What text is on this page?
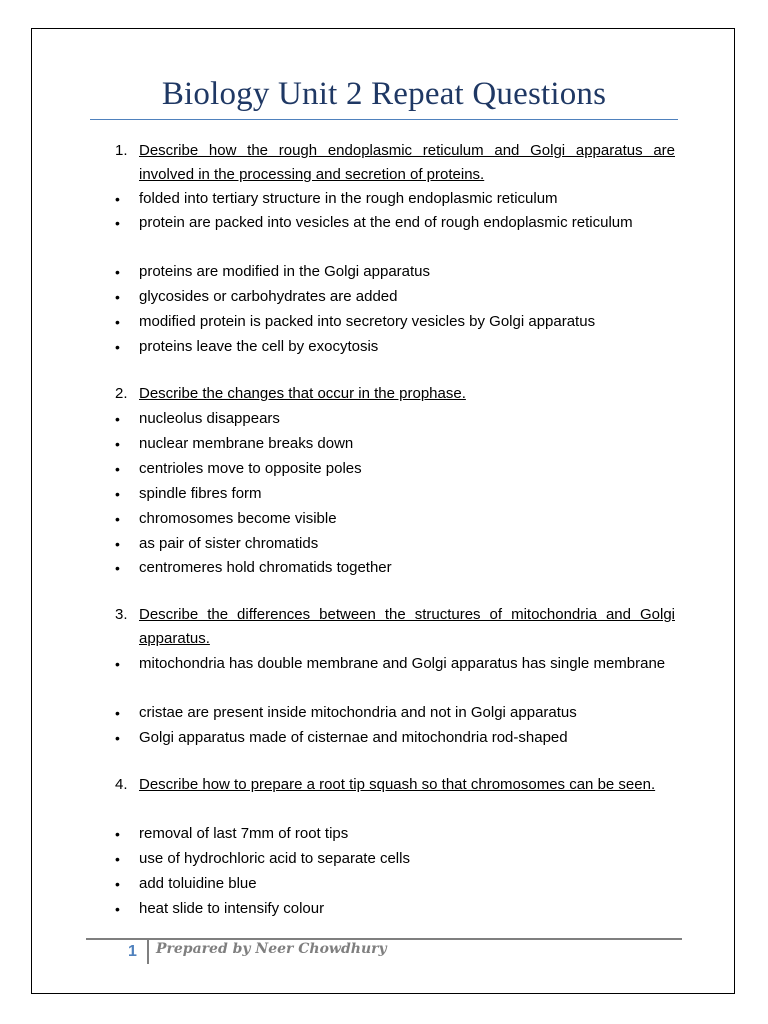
Biology Unit 2 Repeat Questions
1. Describe how the rough endoplasmic reticulum and Golgi apparatus are involved in the processing and secretion of proteins.
• folded into tertiary structure in the rough endoplasmic reticulum
• protein are packed into vesicles at the end of rough endoplasmic reticulum
• proteins are modified in the Golgi apparatus
• glycosides or carbohydrates are added
• modified protein is packed into secretory vesicles by Golgi apparatus
• proteins leave the cell by exocytosis
2. Describe the changes that occur in the prophase.
• nucleolus disappears
• nuclear membrane breaks down
• centrioles move to opposite poles
• spindle fibres form
• chromosomes become visible
• as pair of sister chromatids
• centromeres hold chromatids together
3. Describe the differences between the structures of mitochondria and Golgi apparatus.
• mitochondria has double membrane and Golgi apparatus has single membrane
• cristae are present inside mitochondria and not in Golgi apparatus
• Golgi apparatus made of cisternae and mitochondria rod-shaped
4. Describe how to prepare a root tip squash so that chromosomes can be seen.
• removal of last 7mm of root tips
• use of hydrochloric acid to separate cells
• add toluidine blue
• heat slide to intensify colour
1 Prepared by Neer Chowdhury
